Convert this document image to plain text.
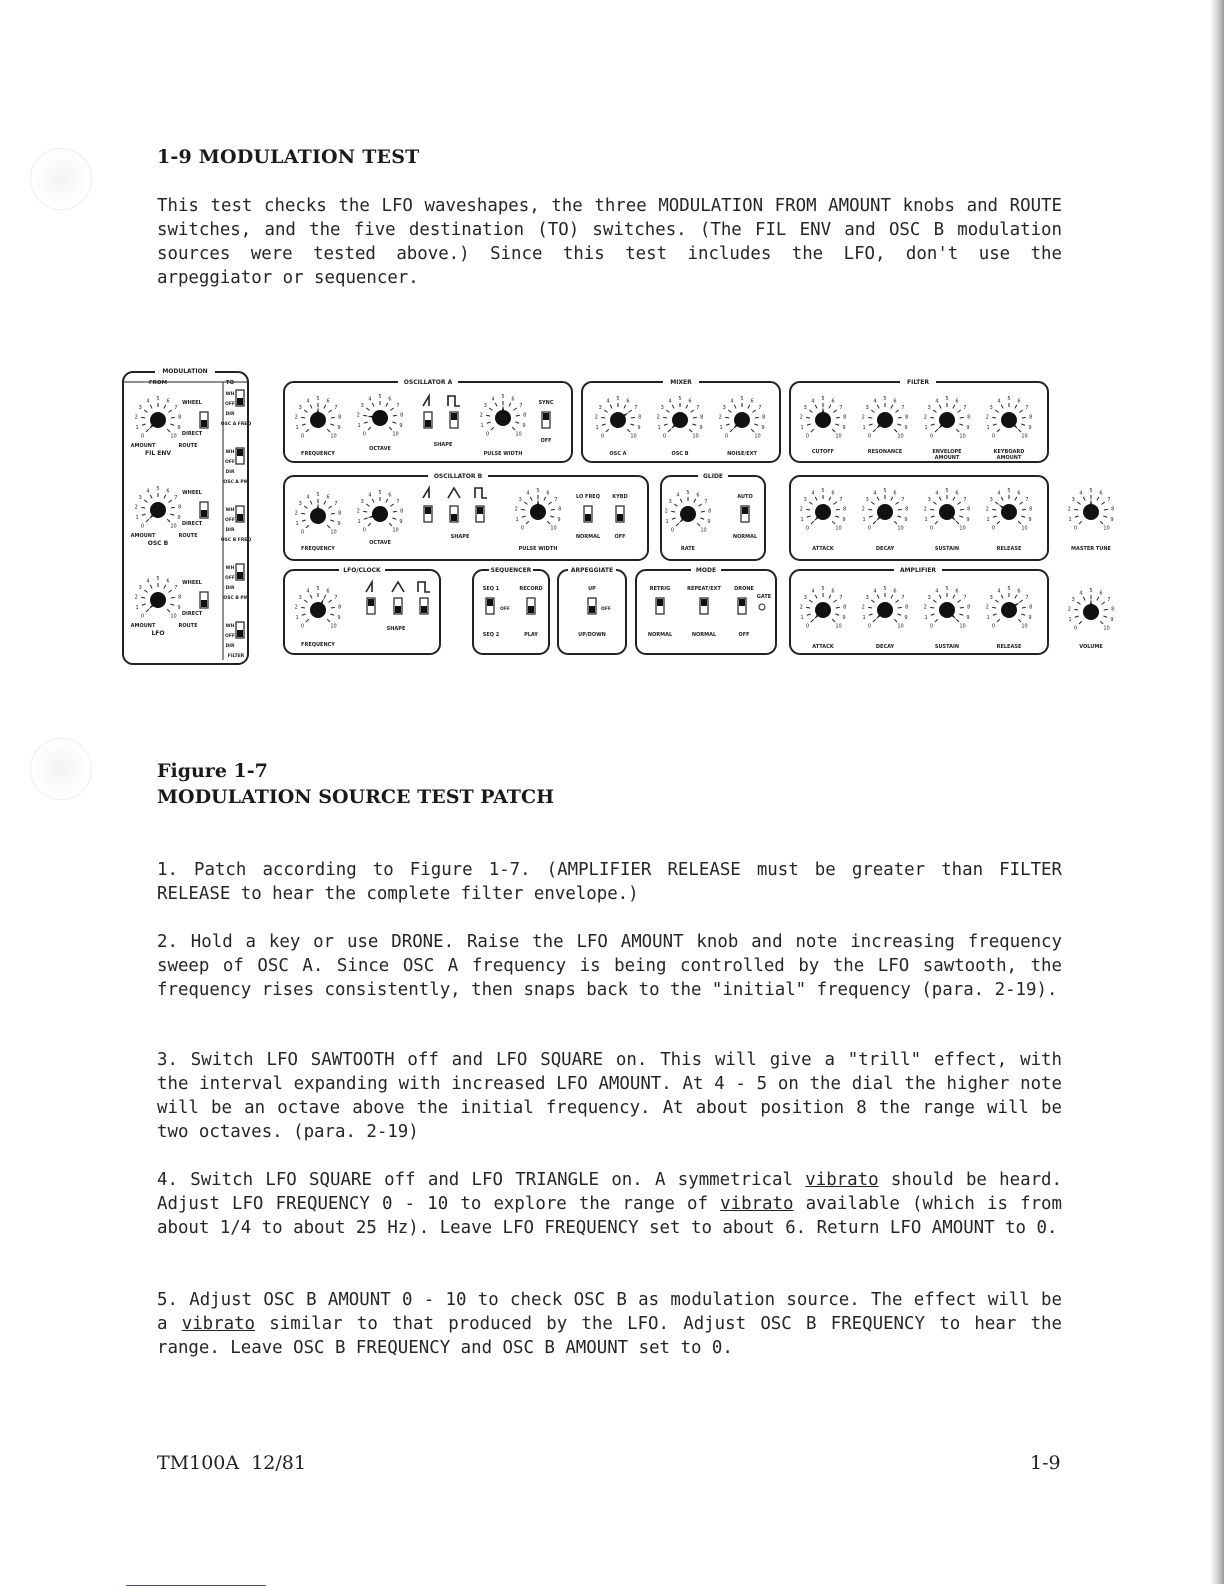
1-9 MODULATION TEST

This test checks the LFO waveshapes, the three MODULATION FROM AMOUNT knobs and ROUTE switches, and the five destination (TO) switches. (The FIL ENV and OSC B modulation sources were tested above.) Since this test includes the LFO, don't use the arpeggiator or sequencer.

MODULATION
FROM	TO
WHEEL
DIRECT
AMOUNT	ROUTE
FIL ENV
WHEEL
DIRECT
AMOUNT	ROUTE
OSC B
WHEEL
DIRECT
AMOUNT	ROUTE
LFO
WH
OFF
DIR
OSC A FREQ
WH
OFF
DIR
OSC A PW
WH
OFF
DIR
OSC B FREQ
WH
OFF
DIR
OSC B PW
WH
OFF
DIR
FILTER
OSCILLATOR A
FREQUENCY
OCTAVE
SHAPE
PULSE WIDTH
SYNC
OFF
MIXER
OSC A	OSC B	NOISE/EXT
FILTER
CUTOFF	RESONANCE	ENVELOPE
AMOUNT
KEYBOARD
AMOUNT
ATTACK	DECAY	SUSTAIN	RELEASE
OSCILLATOR B
FREQUENCY
OCTAVE
SHAPE
PULSE WIDTH
LO FREQ
NORMAL
KYBD
OFF
GLIDE
RATE
AUTO
NORMAL
MASTER TUNE
VOLUME
LFO/CLOCK
FREQUENCY
SHAPE
SEQUENCER
SEQ 1
OFF
SEQ 2
RECORD
PLAY
ARPEGGIATE
UP
OFF
UP/DOWN
MODE
RETRIG
NORMAL
REPEAT/EXT
NORMAL
DRONE
OFF
GATE
AMPLIFIER
ATTACK	DECAY	SUSTAIN	RELEASE
0
1
2
3
4 5 6
7
8
9
10
0
1
2
3
4 5 6
7
8
9
10
0
1
2
3
4 5 6
7
8
9
10
0
1
2
3
4 5 6
7
8
9
10	0
1
2
3
4 5 6
7
8
9
10	0
1
2
3
4 5 6
7
8
9
10	0
1
2
3
4 5 6
7
8
9
10	0
1
2
3
4 5 6
7
8
9
10	0
1
2
3
4 5 6
7
8
9
10	0
1
2
3
4 5 6
7
8
9
10	0
1
2
3
4 5 6
7
8
9
10	0
1
2
3
4 5 6
7
8
9
10	0
1
2
3
4 5 6
7
8
9
10
0
1
2
3
4 5 6
7
8
9
10	0
1
2
3
4 5 6
7
8
9
10	0
1
2
3
4 5 6
7
8
9
10	0
1
2
3
4 5 6
7
8
9
10
0
1
2
3
4 5 6
7
8
9
10	0
1
2
3
4 5 6
7
8
9
10	0
1
2
3
4 5 6
7
8
9
10	0
1
2
3
4 5 6
7
8
9
10	0
1
2
3
4 5 6
7
8
9
10
0
1
2
3
4 5 6
7
8
9
10
0
1
2
3
4 5 6
7
8
9
10	0
1
2
3
4 5 6
7
8
9
10	0
1
2
3
4 5 6
7
8
9
10	0
1
2
3
4 5 6
7
8
9
10	0
1
2
3
4 5 6
7
8
9
10
Figure 1-7
MODULATION SOURCE TEST PATCH

1. Patch according to Figure 1-7. (AMPLIFIER RELEASE must be greater than FILTER RELEASE to hear the complete filter envelope.)

2. Hold a key or use DRONE. Raise the LFO AMOUNT knob and note increasing frequency sweep of OSC A. Since OSC A frequency is being controlled by the LFO sawtooth, the frequency rises consistently, then snaps back to the "initial" frequency (para. 2-19).

3. Switch LFO SAWTOOTH off and LFO SQUARE on. This will give a "trill" effect, with the interval expanding with increased LFO AMOUNT. At 4 - 5 on the dial the higher note will be an octave above the initial frequency. At about position 8 the range will be two octaves. (para. 2-19)

4. Switch LFO SQUARE off and LFO TRIANGLE on. A symmetrical vibrato should be heard. Adjust LFO FREQUENCY 0 - 10 to explore the range of vibrato available (which is from about 1/4 to about 25 Hz). Leave LFO FREQUENCY set to about 6. Return LFO AMOUNT to 0.

5. Adjust OSC B AMOUNT 0 - 10 to check OSC B as modulation source. The effect will be a vibrato similar to that produced by the LFO. Adjust OSC B FREQUENCY to hear the range. Leave OSC B FREQUENCY and OSC B AMOUNT set to 0.

TM100A  12/81	1-9
